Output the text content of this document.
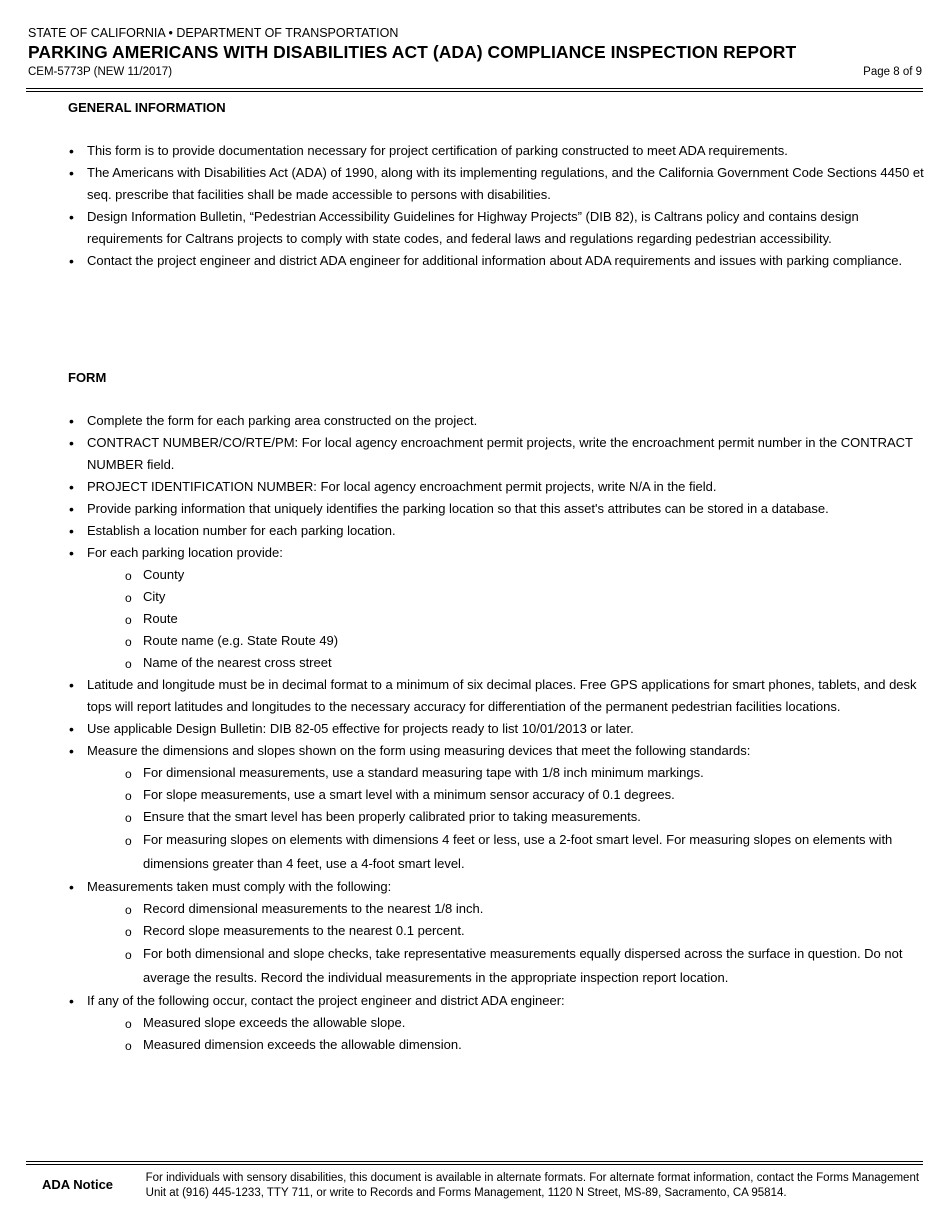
STATE OF CALIFORNIA • DEPARTMENT OF TRANSPORTATION
PARKING AMERICANS WITH DISABILITIES ACT (ADA) COMPLIANCE INSPECTION REPORT
CEM-5773P (NEW 11/2017)	Page 8 of 9
GENERAL INFORMATION
• This form is to provide documentation necessary for project certification of parking constructed to meet ADA requirements.
• The Americans with Disabilities Act (ADA) of 1990, along with its implementing regulations, and the California Government Code Sections 4450 et seq. prescribe that facilities shall be made accessible to persons with disabilities.
• Design Information Bulletin, “Pedestrian Accessibility Guidelines for Highway Projects” (DIB 82), is Caltrans policy and contains design requirements for Caltrans projects to comply with state codes, and federal laws and regulations regarding pedestrian accessibility.
• Contact the project engineer and district ADA engineer for additional information about ADA requirements and issues with parking compliance.
FORM
• Complete the form for each parking area constructed on the project.
• CONTRACT NUMBER/CO/RTE/PM: For local agency encroachment permit projects, write the encroachment permit number in the CONTRACT NUMBER field.
• PROJECT IDENTIFICATION NUMBER: For local agency encroachment permit projects, write N/A in the field.
• Provide parking information that uniquely identifies the parking location so that this asset's attributes can be stored in a database.
• Establish a location number for each parking location.
• For each parking location provide:
o County
o City
o Route
o Route name (e.g. State Route 49)
o Name of the nearest cross street
• Latitude and longitude must be in decimal format to a minimum of six decimal places. Free GPS applications for smart phones, tablets, and desk tops will report latitudes and longitudes to the necessary accuracy for differentiation of the permanent pedestrian facilities locations.
• Use applicable Design Bulletin: DIB 82-05 effective for projects ready to list 10/01/2013 or later.
• Measure the dimensions and slopes shown on the form using measuring devices that meet the following standards:
o For dimensional measurements, use a standard measuring tape with 1/8 inch minimum markings.
o For slope measurements, use a smart level with a minimum sensor accuracy of 0.1 degrees.
o Ensure that the smart level has been properly calibrated prior to taking measurements.
o For measuring slopes on elements with dimensions 4 feet or less, use a 2-foot smart level. For measuring slopes on elements with dimensions greater than 4 feet, use a 4-foot smart level.
• Measurements taken must comply with the following:
o Record dimensional measurements to the nearest 1/8 inch.
o Record slope measurements to the nearest 0.1 percent.
o For both dimensional and slope checks, take representative measurements equally dispersed across the surface in question. Do not average the results. Record the individual measurements in the appropriate inspection report location.
• If any of the following occur, contact the project engineer and district ADA engineer:
o Measured slope exceeds the allowable slope.
o Measured dimension exceeds the allowable dimension.
ADA Notice	For individuals with sensory disabilities, this document is available in alternate formats. For alternate format information, contact the Forms Management Unit at (916) 445-1233, TTY 711, or write to Records and Forms Management, 1120 N Street, MS-89, Sacramento, CA 95814.
